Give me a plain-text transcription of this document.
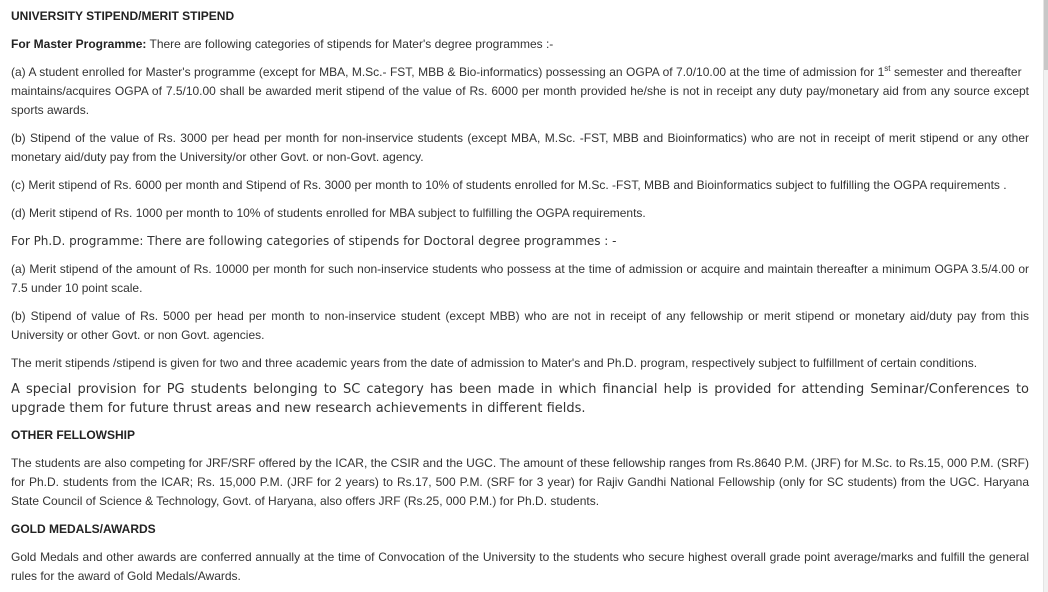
UNIVERSITY STIPEND/MERIT STIPEND

For Master Programme: There are following categories of stipends for Mater's degree programmes :-

(a) A student enrolled for Master's programme (except for MBA, M.Sc.- FST, MBB & Bio-informatics) possessing an OGPA of 7.0/10.00 at the time of admission for 1st semester and thereafter maintains/acquires OGPA of 7.5/10.00 shall be awarded merit stipend of the value of Rs. 6000 per month provided he/she is not in receipt any duty pay/monetary aid from any source except sports awards.

(b) Stipend of the value of Rs. 3000 per head per month for non-inservice students (except MBA, M.Sc. -FST, MBB and Bioinformatics) who are not in receipt of merit stipend or any other monetary aid/duty pay from the University/or other Govt. or non-Govt. agency.

(c) Merit stipend of Rs. 6000 per month and Stipend of Rs. 3000 per month to 10% of students enrolled for M.Sc. -FST, MBB and Bioinformatics subject to fulfilling the OGPA requirements .

(d) Merit stipend of Rs. 1000 per month to 10% of students enrolled for MBA subject to fulfilling the OGPA requirements.

For Ph.D. programme: There are following categories of stipends for Doctoral degree programmes : -

(a) Merit stipend of the amount of Rs. 10000 per month for such non-inservice students who possess at the time of admission or acquire and maintain thereafter a minimum OGPA 3.5/4.00 or 7.5 under 10 point scale.

(b) Stipend of value of Rs. 5000 per head per month to non-inservice student (except MBB) who are not in receipt of any fellowship or merit stipend or monetary aid/duty pay from this University or other Govt. or non Govt. agencies.

The merit stipends /stipend is given for two and three academic years from the date of admission to Mater's and Ph.D. program, respectively subject to fulfillment of certain conditions.

A special provision for PG students belonging to SC category has been made in which financial help is provided for attending Seminar/Conferences to upgrade them for future thrust areas and new research achievements in different fields.

OTHER FELLOWSHIP

The students are also competing for JRF/SRF offered by the ICAR, the CSIR and the UGC. The amount of these fellowship ranges from Rs.8640 P.M. (JRF) for M.Sc. to Rs.15, 000 P.M. (SRF) for Ph.D. students from the ICAR; Rs. 15,000 P.M. (JRF for 2 years) to Rs.17, 500 P.M. (SRF for 3 year) for Rajiv Gandhi National Fellowship (only for SC students) from the UGC. Haryana State Council of Science & Technology, Govt. of Haryana, also offers JRF (Rs.25, 000 P.M.) for Ph.D. students.

GOLD MEDALS/AWARDS

Gold Medals and other awards are conferred annually at the time of Convocation of the University to the students who secure highest overall grade point average/marks and fulfill the general rules for the award of Gold Medals/Awards.
